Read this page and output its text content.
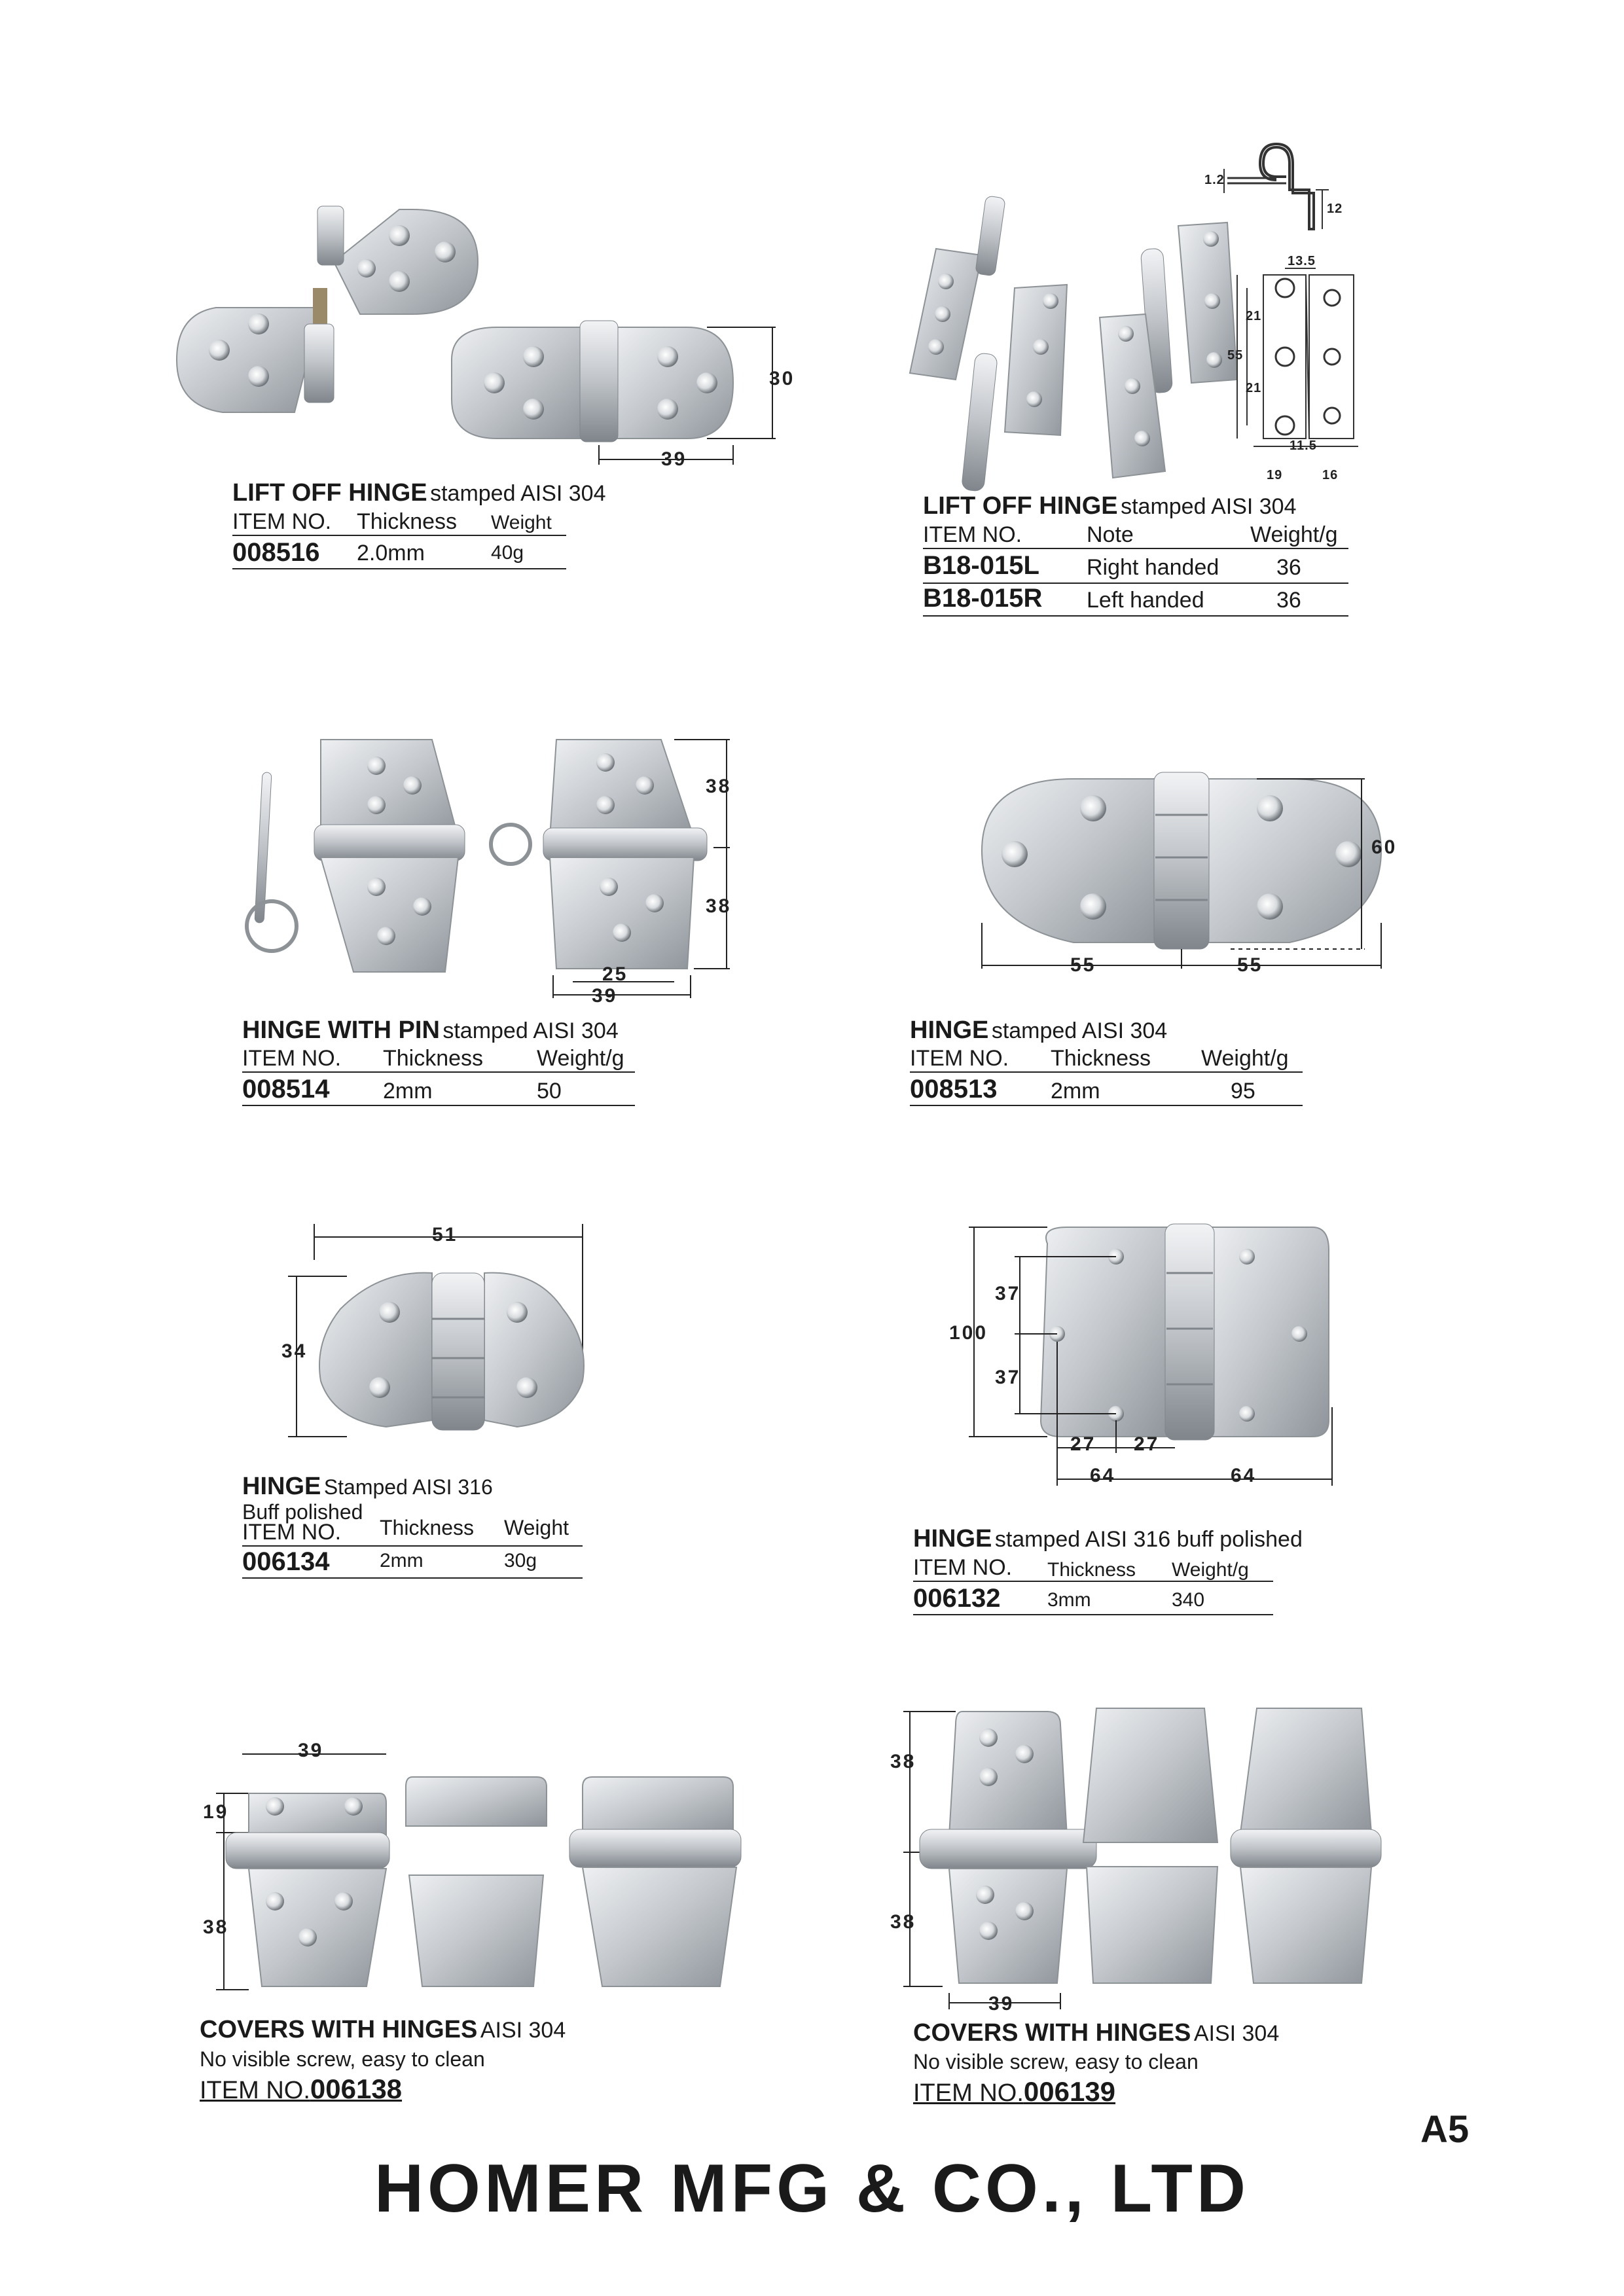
30
39
LIFT OFF HINGE stamped AISI 304
ITEM NO. Thickness Weight
008516 2.0mm	40g
1.2
12
13.5
21
55
21
11.5
19	16
LIFT OFF HINGE stamped AISI 304
ITEM NO.	Note	Weight/g
B18-015L Right handed	36
B18-015R Left handed	36
38
38
25
39
HINGE WITH PIN stamped AISI 304
ITEM NO. Thickness Weight/g
008514 2mm	50
60
55	55
HINGE stamped AISI 304
ITEM NO. Thickness Weight/g
008513 2mm	95
51
34
HINGE Stamped AISI 316
Buff polished
ITEM NO. Thickness Weight
006134	2mm	30g
37
100
37
27 27
64	64
HINGE stamped AISI 316 buff polished
ITEM NO. Thickness Weight/g
006132 3mm	340
39
19
38
COVERS WITH HINGES AISI 304
No visible screw, easy to clean
ITEM NO.006138
38
38
39
COVERS WITH HINGES AISI 304
No visible screw, easy to clean
ITEM NO.006139
HOMER MFG & CO., LTD
A5
